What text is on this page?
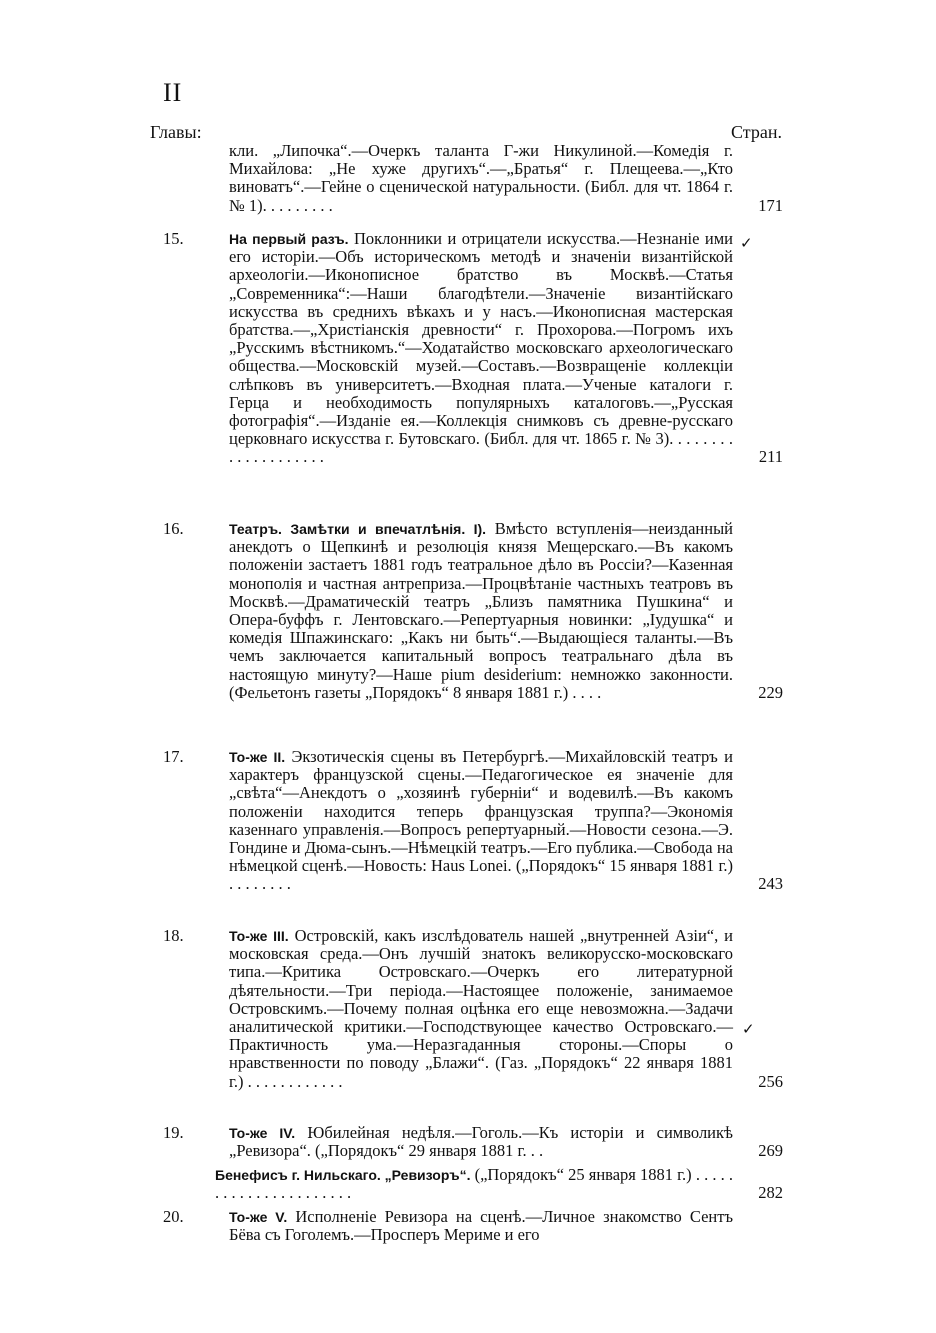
II
Главы:	Стран.
кли. „Липочка“.—Очеркъ таланта Г-жи Никулиной.—Комедія г. Михайлова: „Не хуже другихъ“.—„Братья“ г. Плещеева.—„Кто виноватъ“.—Гейне о сценической натуральности. (Библ. для чт. 1864 г. № 1). . . . . . . . .	171
15.	На первый разъ. Поклонники и отрицатели искусства.—Незнаніе ими его исторіи.—Объ историческомъ методѣ и значеніи византійской археологіи.—Иконописное братство въ Москвѣ.—Статья „Современника“:—Наши благодѣтели.—Значеніе византійскаго искусства въ среднихъ вѣкахъ и у насъ.—Иконописная мастерская братства.—„Христіанскія древности“ г. Прохорова.—Погромъ ихъ „Русскимъ вѣстникомъ.“—Ходатайство московскаго археологическаго общества.—Московскій музей.—Составъ.—Возвращеніе коллекціи слѣпковъ въ университетъ.—Входная плата.—Ученые каталоги г. Герца и необходимость популярныхъ каталоговъ.—„Русская фотографія“.—Изданіе ея.—Коллекція снимковъ съ древне-русскаго церковнаго искусства г. Бутовскаго. (Библ. для чт. 1865 г. № 3). . . . . . . . . . . . . . . . . . . .	211
16.	Театръ. Замѣтки и впечатлѣнія. I). Вмѣсто вступленія—неизданный анекдотъ о Щепкинѣ и резолюція князя Мещерскаго.—Въ какомъ положеніи застаетъ 1881 годъ театральное дѣло въ Россіи?—Казенная монополія и частная антреприза.—Процвѣтаніе частныхъ театровъ въ Москвѣ.—Драматическій театръ „Близъ памятника Пушкина“ и Опера-буффъ г. Лентовскаго.—Репертуарныя новинки: „Іудушка“ и комедія Шпажинскаго: „Какъ ни быть“.—Выдающіеся таланты.—Въ чемъ заключается капитальный вопросъ театральнаго дѣла въ настоящую минуту?—Наше pium desiderium: немножко законности. (Фельетонъ газеты „Порядокъ“ 8 января 1881 г.) . . . .	229
17.	То-же II. Экзотическія сцены въ Петербургѣ.—Михайловскій театръ и характеръ французской сцены.—Педагогическое ея значеніе для „свѣта“—Анекдотъ о „хозяинѣ губерніи“ и водевилѣ.—Въ какомъ положеніи находится теперь французская труппа?—Экономія казеннаго управленія.—Вопросъ репертуарный.—Новости сезона.—Э. Гондине и Дюма-сынъ.—Нѣмецкій театръ.—Его публика.—Свобода на нѣмецкой сценѣ.—Новость: Haus Lonei. („Порядокъ“ 15 января 1881 г.) . . . . . . . .	243
18.	То-же III. Островскій, какъ изслѣдователь нашей „внутренней Азіи“, и московская среда.—Онъ лучшій знатокъ великорусско-московскаго типа.—Критика Островскаго.—Очеркъ его литературной дѣятельности.—Три періода.—Настоящее положеніе, занимаемое Островскимъ.—Почему полная оцѣнка его еще невозможна.—Задачи аналитической критики.—Господствующее качество Островскаго.—Практичность ума.—Неразгаданныя стороны.—Споры о нравственности по поводу „Блажи“. (Газ. „Порядокъ“ 22 января 1881 г.) . . . . . . . . . . . .	256
19.	То-же IV. Юбилейная недѣля.—Гоголь.—Къ исторіи и символикѣ „Ревизора“. („Порядокъ“ 29 января 1881 г. . .	269
Бенефисъ г. Нильскаго. „Ревизоръ“. („Порядокъ“ 25 января 1881 г.) . . . . . . . . . . . . . . . . . . . . . .	282
20.	То-же V. Исполненіе Ревизора на сценѣ.—Личное знакомство Сентъ Бёва съ Гоголемъ.—Просперъ Мериме и его
✓
✓
